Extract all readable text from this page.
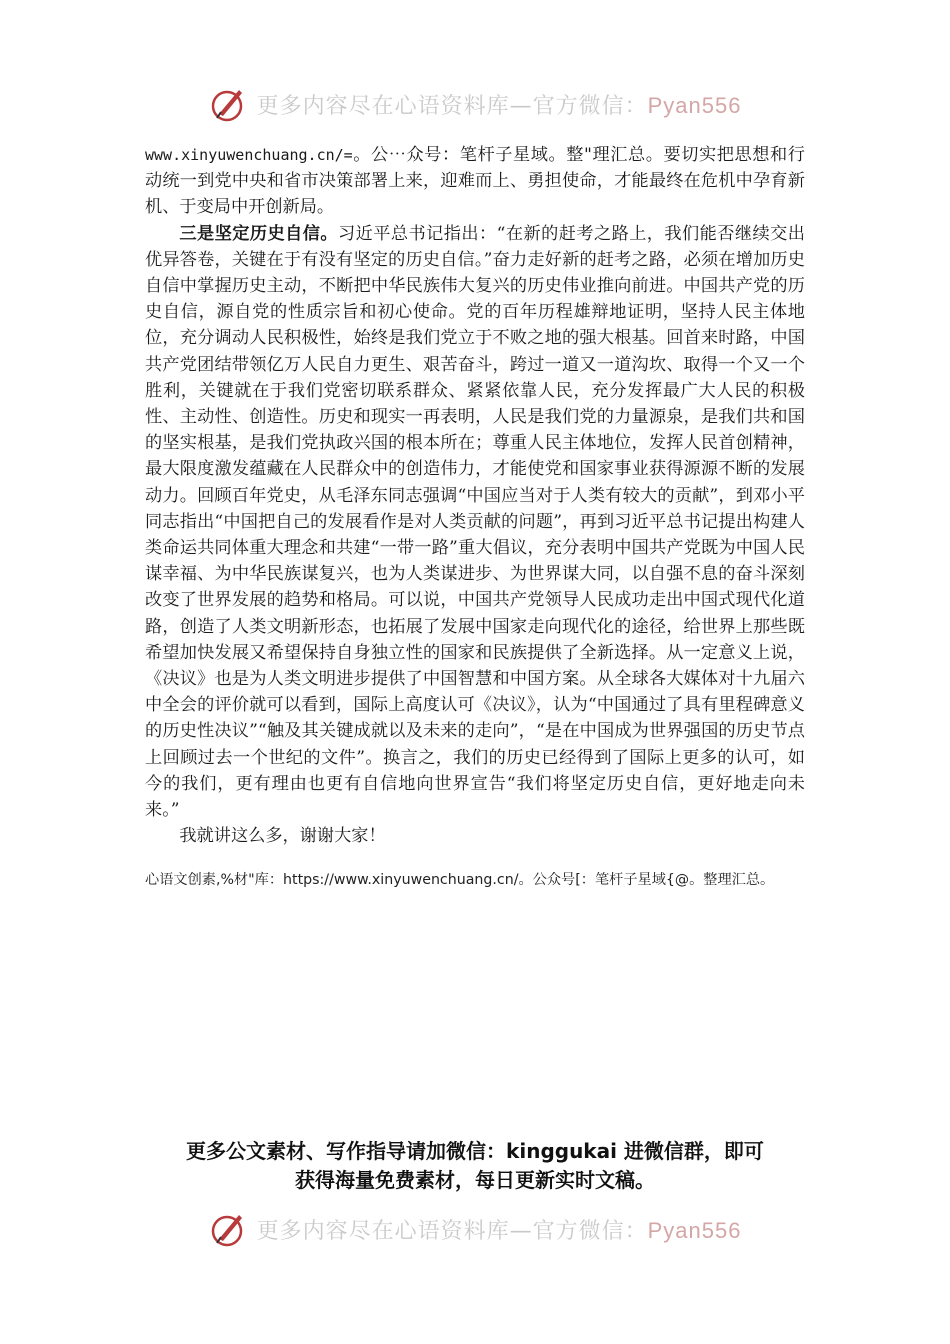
更多内容尽在心语资料库—官方微信：Pyan556

www.xinyuwenchuang.cn/=。公⋯众号：笔杆子星域。整"理汇总。要切实把思想和行动统一到党中央和省市决策部署上来，迎难而上、勇担使命，才能最终在危机中孕育新机、于变局中开创新局。

三是坚定历史自信。习近平总书记指出：“在新的赶考之路上，我们能否继续交出优异答卷，关键在于有没有坚定的历史自信。”奋力走好新的赶考之路，必须在增加历史自信中掌握历史主动，不断把中华民族伟大复兴的历史伟业推向前进。中国共产党的历史自信，源自党的性质宗旨和初心使命。党的百年历程雄辩地证明，坚持人民主体地位，充分调动人民积极性，始终是我们党立于不败之地的强大根基。回首来时路，中国共产党团结带领亿万人民自力更生、艰苦奋斗，跨过一道又一道沟坎、取得一个又一个胜利，关键就在于我们党密切联系群众、紧紧依靠人民，充分发挥最广大人民的积极性、主动性、创造性。历史和现实一再表明，人民是我们党的力量源泉，是我们共和国的坚实根基，是我们党执政兴国的根本所在；尊重人民主体地位，发挥人民首创精神，最大限度激发蕴藏在人民群众中的创造伟力，才能使党和国家事业获得源源不断的发展动力。回顾百年党史，从毛泽东同志强调“中国应当对于人类有较大的贡献”，到邓小平同志指出“中国把自己的发展看作是对人类贡献的问题”，再到习近平总书记提出构建人类命运共同体重大理念和共建“一带一路”重大倡议，充分表明中国共产党既为中国人民谋幸福、为中华民族谋复兴，也为人类谋进步、为世界谋大同，以自强不息的奋斗深刻改变了世界发展的趋势和格局。可以说，中国共产党领导人民成功走出中国式现代化道路，创造了人类文明新形态，也拓展了发展中国家走向现代化的途径，给世界上那些既希望加快发展又希望保持自身独立性的国家和民族提供了全新选择。从一定意义上说，《决议》也是为人类文明进步提供了中国智慧和中国方案。从全球各大媒体对十九届六中全会的评价就可以看到，国际上高度认可《决议》，认为“中国通过了具有里程碑意义的历史性决议”“触及其关键成就以及未来的走向”，“是在中国成为世界强国的历史节点上回顾过去一个世纪的文件”。换言之，我们的历史已经得到了国际上更多的认可，如今的我们，更有理由也更有自信地向世界宣告“我们将坚定历史自信，更好地走向未来。”

我就讲这么多，谢谢大家！

心语文创素,%材"库：https://www.xinyuwenchuang.cn/。公众号[：笔杆子星域{@。整理汇总。
更多公文素材、写作指导请加微信：kinggukai 进微信群，即可
获得海量免费素材，每日更新实时文稿。
更多内容尽在心语资料库—官方微信：Pyan556
